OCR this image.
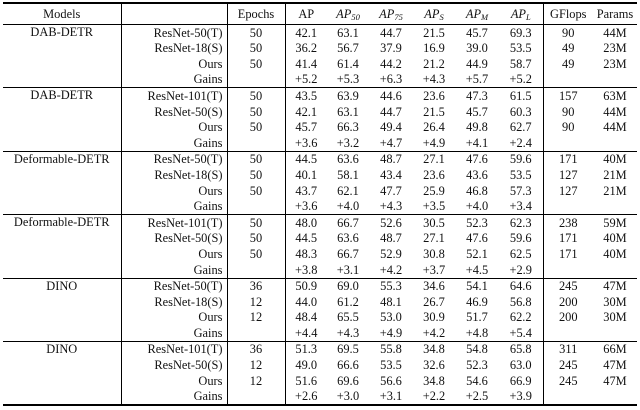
Models		Epochs	AP	$AP_{50}$	$AP_{75}$	$AP_S$	$AP_M$	$AP_L$	GFlops	Params
DAB-DETR	ResNet-50(T)	50	42.1	63.1	44.7	21.5	45.7	69.3	90	44M
	ResNet-18(S)	50	36.2	56.7	37.9	16.9	39.0	53.5	49	23M
	Ours	50	41.4	61.4	44.2	21.2	44.9	58.7	49	23M
	Gains		+5.2	+5.3	+6.3	+4.3	+5.7	+5.2		
DAB-DETR	ResNet-101(T)	50	43.5	63.9	44.6	23.6	47.3	61.5	157	63M
	ResNet-50(S)	50	42.1	63.1	44.7	21.5	45.7	60.3	90	44M
	Ours	50	45.7	66.3	49.4	26.4	49.8	62.7	90	44M
	Gains		+3.6	+3.2	+4.7	+4.9	+4.1	+2.4		
Deformable-DETR	ResNet-50(T)	50	44.5	63.6	48.7	27.1	47.6	59.6	171	40M
	ResNet-18(S)	50	40.1	58.1	43.4	23.6	43.6	53.5	127	21M
	Ours	50	43.7	62.1	47.7	25.9	46.8	57.3	127	21M
	Gains		+3.6	+4.0	+4.3	+3.5	+4.0	+3.4		
Deformable-DETR	ResNet-101(T)	50	48.0	66.7	52.6	30.5	52.3	62.3	238	59M
	ResNet-50(S)	50	44.5	63.6	48.7	27.1	47.6	59.6	171	40M
	Ours	50	48.3	66.7	52.9	30.8	52.1	62.5	171	40M
	Gains		+3.8	+3.1	+4.2	+3.7	+4.5	+2.9		
DINO	ResNet-50(T)	36	50.9	69.0	55.3	34.6	54.1	64.6	245	47M
	ResNet-18(S)	12	44.0	61.2	48.1	26.7	46.9	56.8	200	30M
	Ours	12	48.4	65.5	53.0	30.9	51.7	62.2	200	30M
	Gains		+4.4	+4.3	+4.9	+4.2	+4.8	+5.4		
DINO	ResNet-101(T)	36	51.3	69.5	55.8	34.8	54.8	65.8	311	66M
	ResNet-50(S)	12	49.0	66.6	53.5	32.6	52.3	63.0	245	47M
	Ours	12	51.6	69.6	56.6	34.8	54.6	66.9	245	47M
	Gains		+2.6	+3.0	+3.1	+2.2	+2.5	+3.9		
